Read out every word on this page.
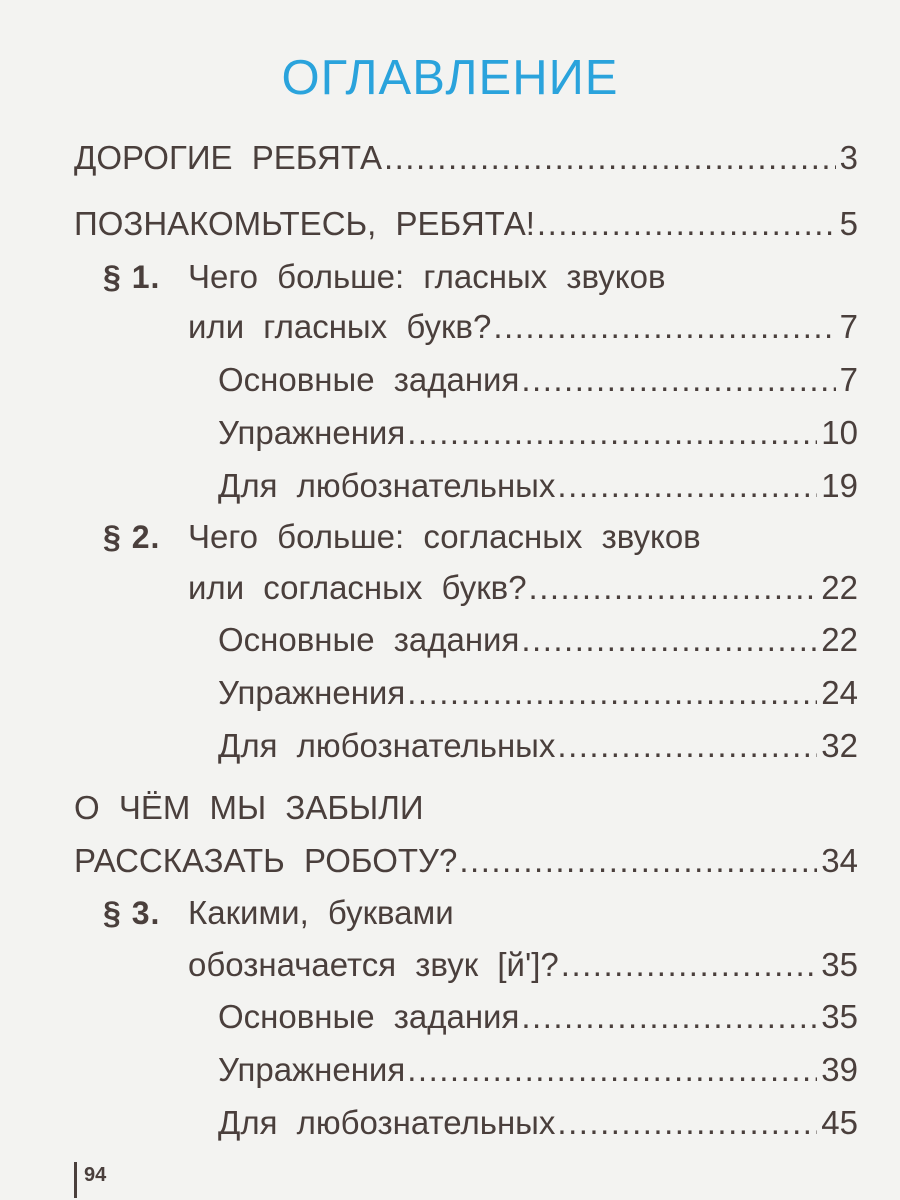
ОГЛАВЛЕНИЕ
ДОРОГИЕ РЕБЯТА .....	3
ПОЗНАКОМЬТЕСЬ, РЕБЯТА! .....	5
§ 1. Чего больше: гласных звуков
или гласных букв? .....	7
Основные задания .....	7
Упражнения .....	10
Для любознательных .....	19
§ 2. Чего больше: согласных звуков
или согласных букв? .....	22
Основные задания .....	22
Упражнения .....	24
Для любознательных .....	32
О ЧЁМ МЫ ЗАБЫЛИ
РАССКАЗАТЬ РОБОТУ? .....	34
§ 3. Какими, буквами
обозначается звук [й']? .....	35
Основные задания .....	35
Упражнения .....	39
Для любознательных .....	45
94
